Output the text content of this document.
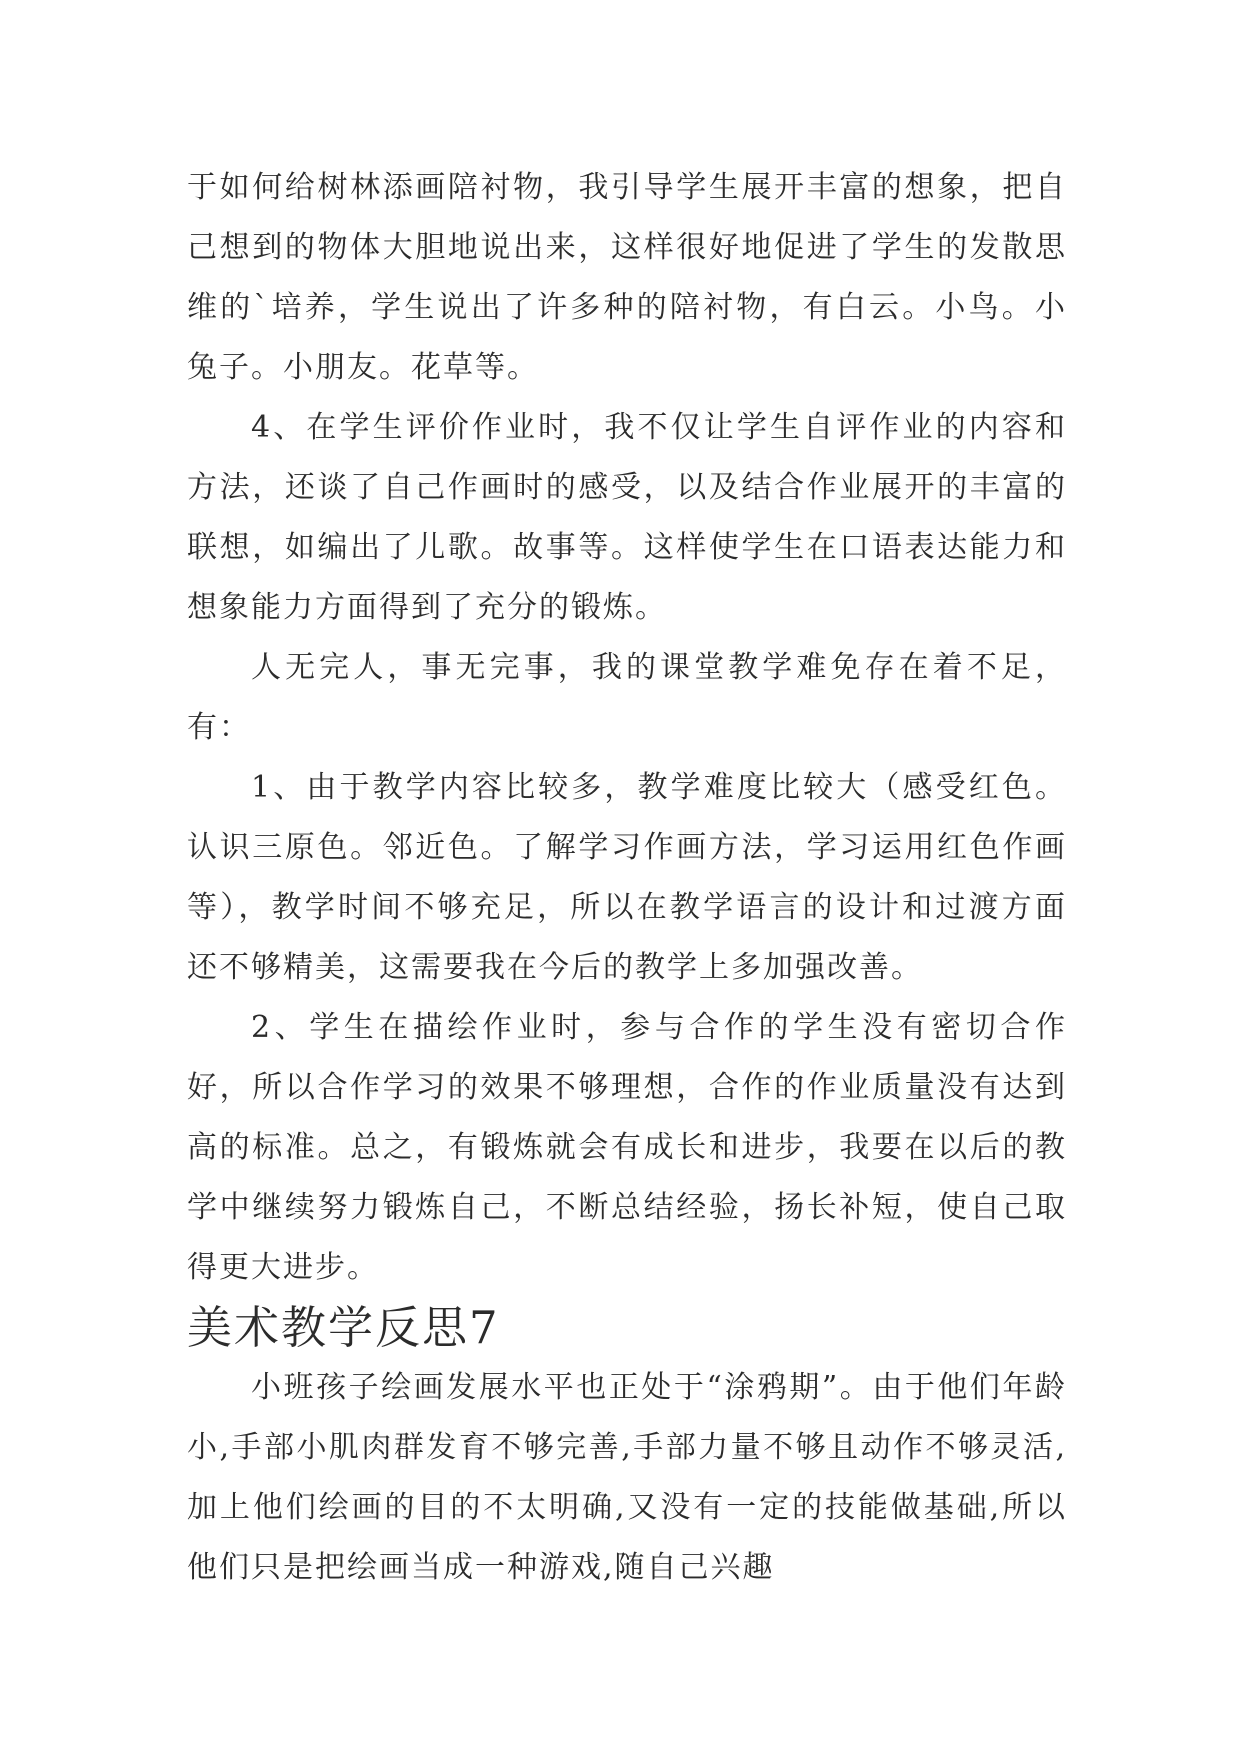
于如何给树林添画陪衬物，我引导学生展开丰富的想象，把自己想到的物体大胆地说出来，这样很好地促进了学生的发散思维的`培养，学生说出了许多种的陪衬物，有白云。小鸟。小兔子。小朋友。花草等。

4、在学生评价作业时，我不仅让学生自评作业的内容和方法，还谈了自己作画时的感受，以及结合作业展开的丰富的联想，如编出了儿歌。故事等。这样使学生在口语表达能力和想象能力方面得到了充分的锻炼。

人无完人，事无完事，我的课堂教学难免存在着不足，有：

1、由于教学内容比较多，教学难度比较大（感受红色。认识三原色。邻近色。了解学习作画方法，学习运用红色作画等），教学时间不够充足，所以在教学语言的设计和过渡方面还不够精美，这需要我在今后的教学上多加强改善。

2、学生在描绘作业时，参与合作的学生没有密切合作好，所以合作学习的效果不够理想，合作的作业质量没有达到高的标准。总之，有锻炼就会有成长和进步，我要在以后的教学中继续努力锻炼自己，不断总结经验，扬长补短，使自己取得更大进步。

美术教学反思7

小班孩子绘画发展水平也正处于“涂鸦期”。由于他们年龄小,手部小肌肉群发育不够完善,手部力量不够且动作不够灵活,加上他们绘画的目的不太明确,又没有一定的技能做基础,所以他们只是把绘画当成一种游戏,随自己兴趣
